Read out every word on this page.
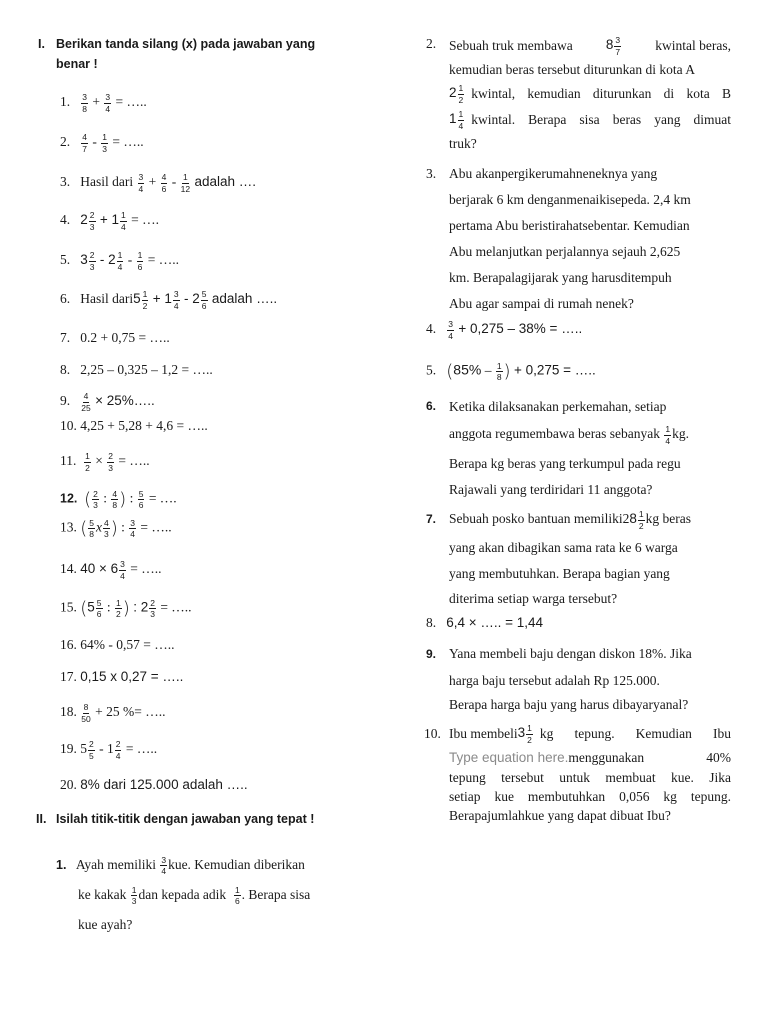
I. Berikan tanda silang (x) pada jawaban yang
benar !
1. $\frac{3}{8} + \frac{3}{4}$ = …..
2. $\frac{4}{7} - \frac{1}{3}$ = …..
3. Hasil dari $\frac{3}{4} + \frac{4}{6} - \frac{1}{12}$ adalah ….
4. $2 \frac{2}{3} + 1 \frac{1}{4}$ = ….
5. $3 \frac{2}{3} - 2 \frac{1}{4} - \frac{1}{6}$ = …..
6. Hasil dari5 $\frac{1}{2} + 1 \frac{3}{4} - 2 \frac{5}{6}$ adalah …..
7. 0.2 + 0,75 = …..
8. 2,25 – 0,325 – 1,2 = …..
9. $\frac{4}{25}$ × 25%…..
10. 4,25 + 5,28 + 4,6 = …..
11. $\frac{1}{2} \times \frac{2}{3}$ = …..
12. ( $\frac{2}{3}$ : $\frac{4}{8}$ ) : $\frac{5}{6}$ = ….
13. ( $\frac{5}{8}$ x $\frac{4}{3}$ ) : $\frac{3}{4}$ = …..
14. $40 \times 6 \frac{3}{4}$ = …..
15. ($5 \frac{5}{6}$ : $\frac{1}{2}$ ) : $2 \frac{2}{3}$ = …..
16. 64% - 0,57 = …..
17. 0,15 x 0,27 = …..
18. $\frac{8}{50} + 25$ %= …..
19. $5 \frac{2}{5} - 1 \frac{2}{4}$ = …..
20. 8% dari 125.000 adalah …..
II. Isilah titik-titik dengan jawaban yang tepat !
1. Ayah memiliki $\frac{3}{4}$ kue. Kemudian diberikan
ke kakak $\frac{1}{3}$ dan kepada adik $\frac{1}{6}$ . Berapa sisa
kue ayah?
2. Sebuah truk membawa $8 \frac{3}{7}$	kwintal beras,
kemudian beras tersebut diturunkan di kota A
$2 \frac{1}{2}$ kwintal, kemudian diturunkan di kota B
$1 \frac{1}{4}$ kwintal. Berapa sisa beras yang dimuat
truk?
3. Abu akanpergikerumahneneknya yang
berjarak 6 km denganmenaikisepeda. 2,4 km
pertama Abu beristirahatsebentar. Kemudian
Abu melanjutkan perjalannya sejauh 2,625
km. Berapalagijarak yang harusditempuh
Abu agar sampai di rumah nenek?
4. $\frac{3}{4} + 0,275 - 38\%$ = …..
5. ($85\% - \frac{1}{8}$ ) + 0,275 = …..
6. Ketika dilaksanakan perkemahan, setiap
anggota regumembawa beras sebanyak $\frac{1}{4}$ kg.
Berapa kg beras yang terkumpul pada regu
Rajawali yang terdiridari 11 anggota?
7. Sebuah posko bantuan memiliki28 $\frac{1}{2}$ kg beras
yang akan dibagikan sama rata ke 6 warga
yang membutuhkan. Berapa bagian yang
diterima setiap warga tersebut?
8. 6,4 × ….. = 1,44
9. Yana membeli baju dengan diskon 18%. Jika
harga baju tersebut adalah Rp 125.000.
Berapa harga baju yang harus dibayaryanal?
10. Ibu membeli $3 \frac{1}{2}$ kg tepung. Kemudian Ibu
Type equation here.menggunakan	40%
tepung tersebut untuk membuat kue. Jika
setiap kue membutuhkan 0,056 kg tepung.
Berapajumlahkue yang dapat dibuat Ibu?
